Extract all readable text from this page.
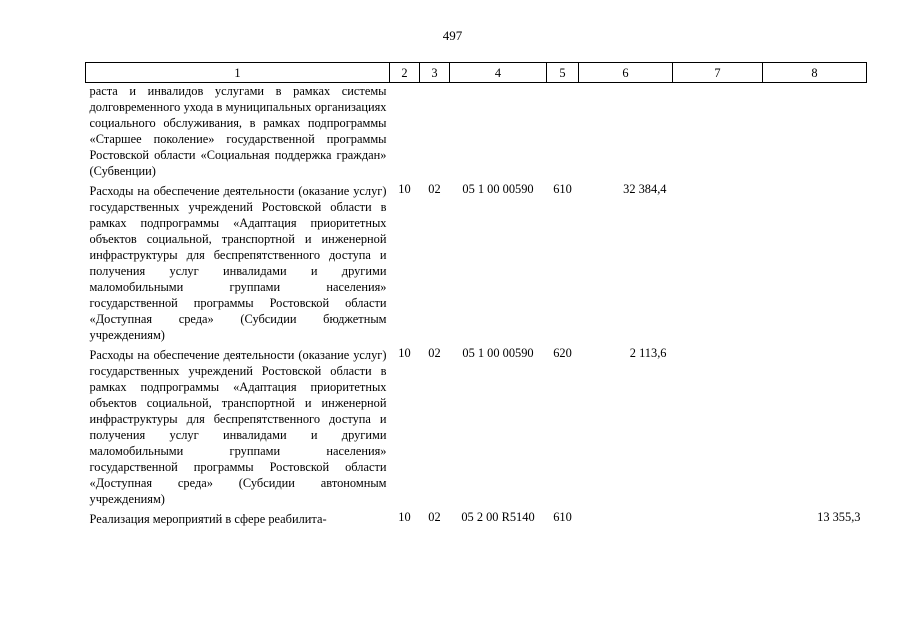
497
1	2	3	4	5	6	7	8
раста и инвалидов услугами в рамках системы долговременного ухода в муниципальных организациях социального обслуживания, в рамках подпрограммы «Старшее поколение» государственной программы Ростовской области «Социальная поддержка граждан» (Субвенции)							
Расходы на обеспечение деятельности (оказание услуг) государственных учреждений Ростовской области в рамках подпрограммы «Адаптация приоритетных объектов социальной, транспортной и инженерной инфраструктуры для беспрепятственного доступа и получения услуг инвалидами и другими маломобильными группами населения» государственной программы Ростовской области «Доступная среда» (Субсидии бюджетным учреждениям)	10	02	05 1 00 00590	610	32 384,4		
Расходы на обеспечение деятельности (оказание услуг) государственных учреждений Ростовской области в рамках подпрограммы «Адаптация приоритетных объектов социальной, транспортной и инженерной инфраструктуры для беспрепятственного доступа и получения услуг инвалидами и другими маломобильными группами населения» государственной программы Ростовской области «Доступная среда» (Субсидии автономным учреждениям)	10	02	05 1 00 00590	620	2 113,6		
Реализация мероприятий в сфере реабилита-	10	02	05 2 00 R5140	610			13 355,3
